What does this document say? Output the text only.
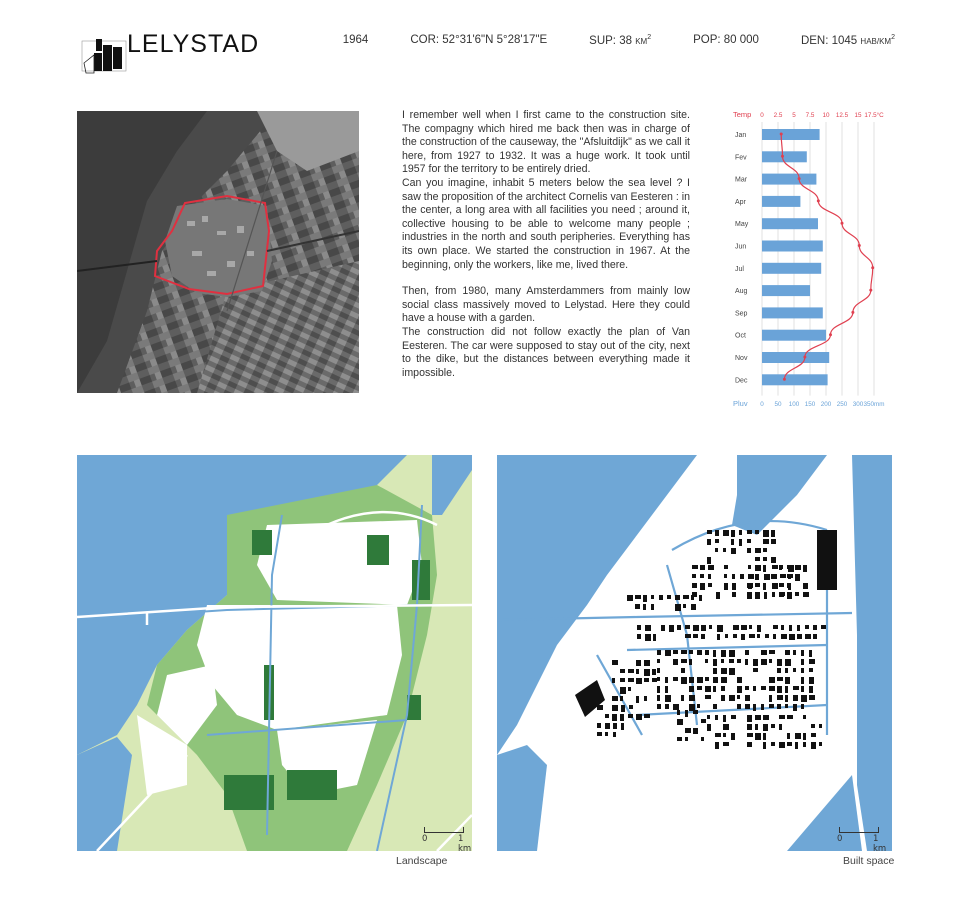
LELYSTAD	1964	COR: 52°31'6"N 5°28'17"E	SUP: 38 $KM^2$	POP: 80 000	DEN: 1045 HAB/$KM^2$

I remember well when I first came to the construction site. The compagny which hired me back then was in charge of the construction of the causeway, the "Afsluitdijk" as we call it here, from 1927 to 1932. It was a huge work. It took until 1957 for the territory to be entirely dried.

Can you imagine, inhabit 5 meters below the sea level ? I saw the proposition of the architect Cornelis van Eesteren : in the center, a long area with all facilities you need ; around it, collective housing to be able to welcome many people ; industries in the north and south peripheries. Everything has its own place. We started the construction in 1967. At the beginning, only the workers, like me, lived there.

Then, from 1980, many Amsterdammers from mainly low social class massively moved to Lelystad. Here they could have a house with a garden.

The construction did not follow exactly the plan of Van Eesteren. The car were supposed to stay out of the city, next to the dike, but the distances between everything made it impossible.

Temp
Pluv
Jan
Fev
Mar
Apr
May
Jun
Jul
Aug
Sep
Oct
Nov
Dec
0
0
2.5
50
5
100
7.5
150
10
200
12.5
250
15
300
17.5°C
350mm
0	1 km
Landscape
0	1 km
Built space
